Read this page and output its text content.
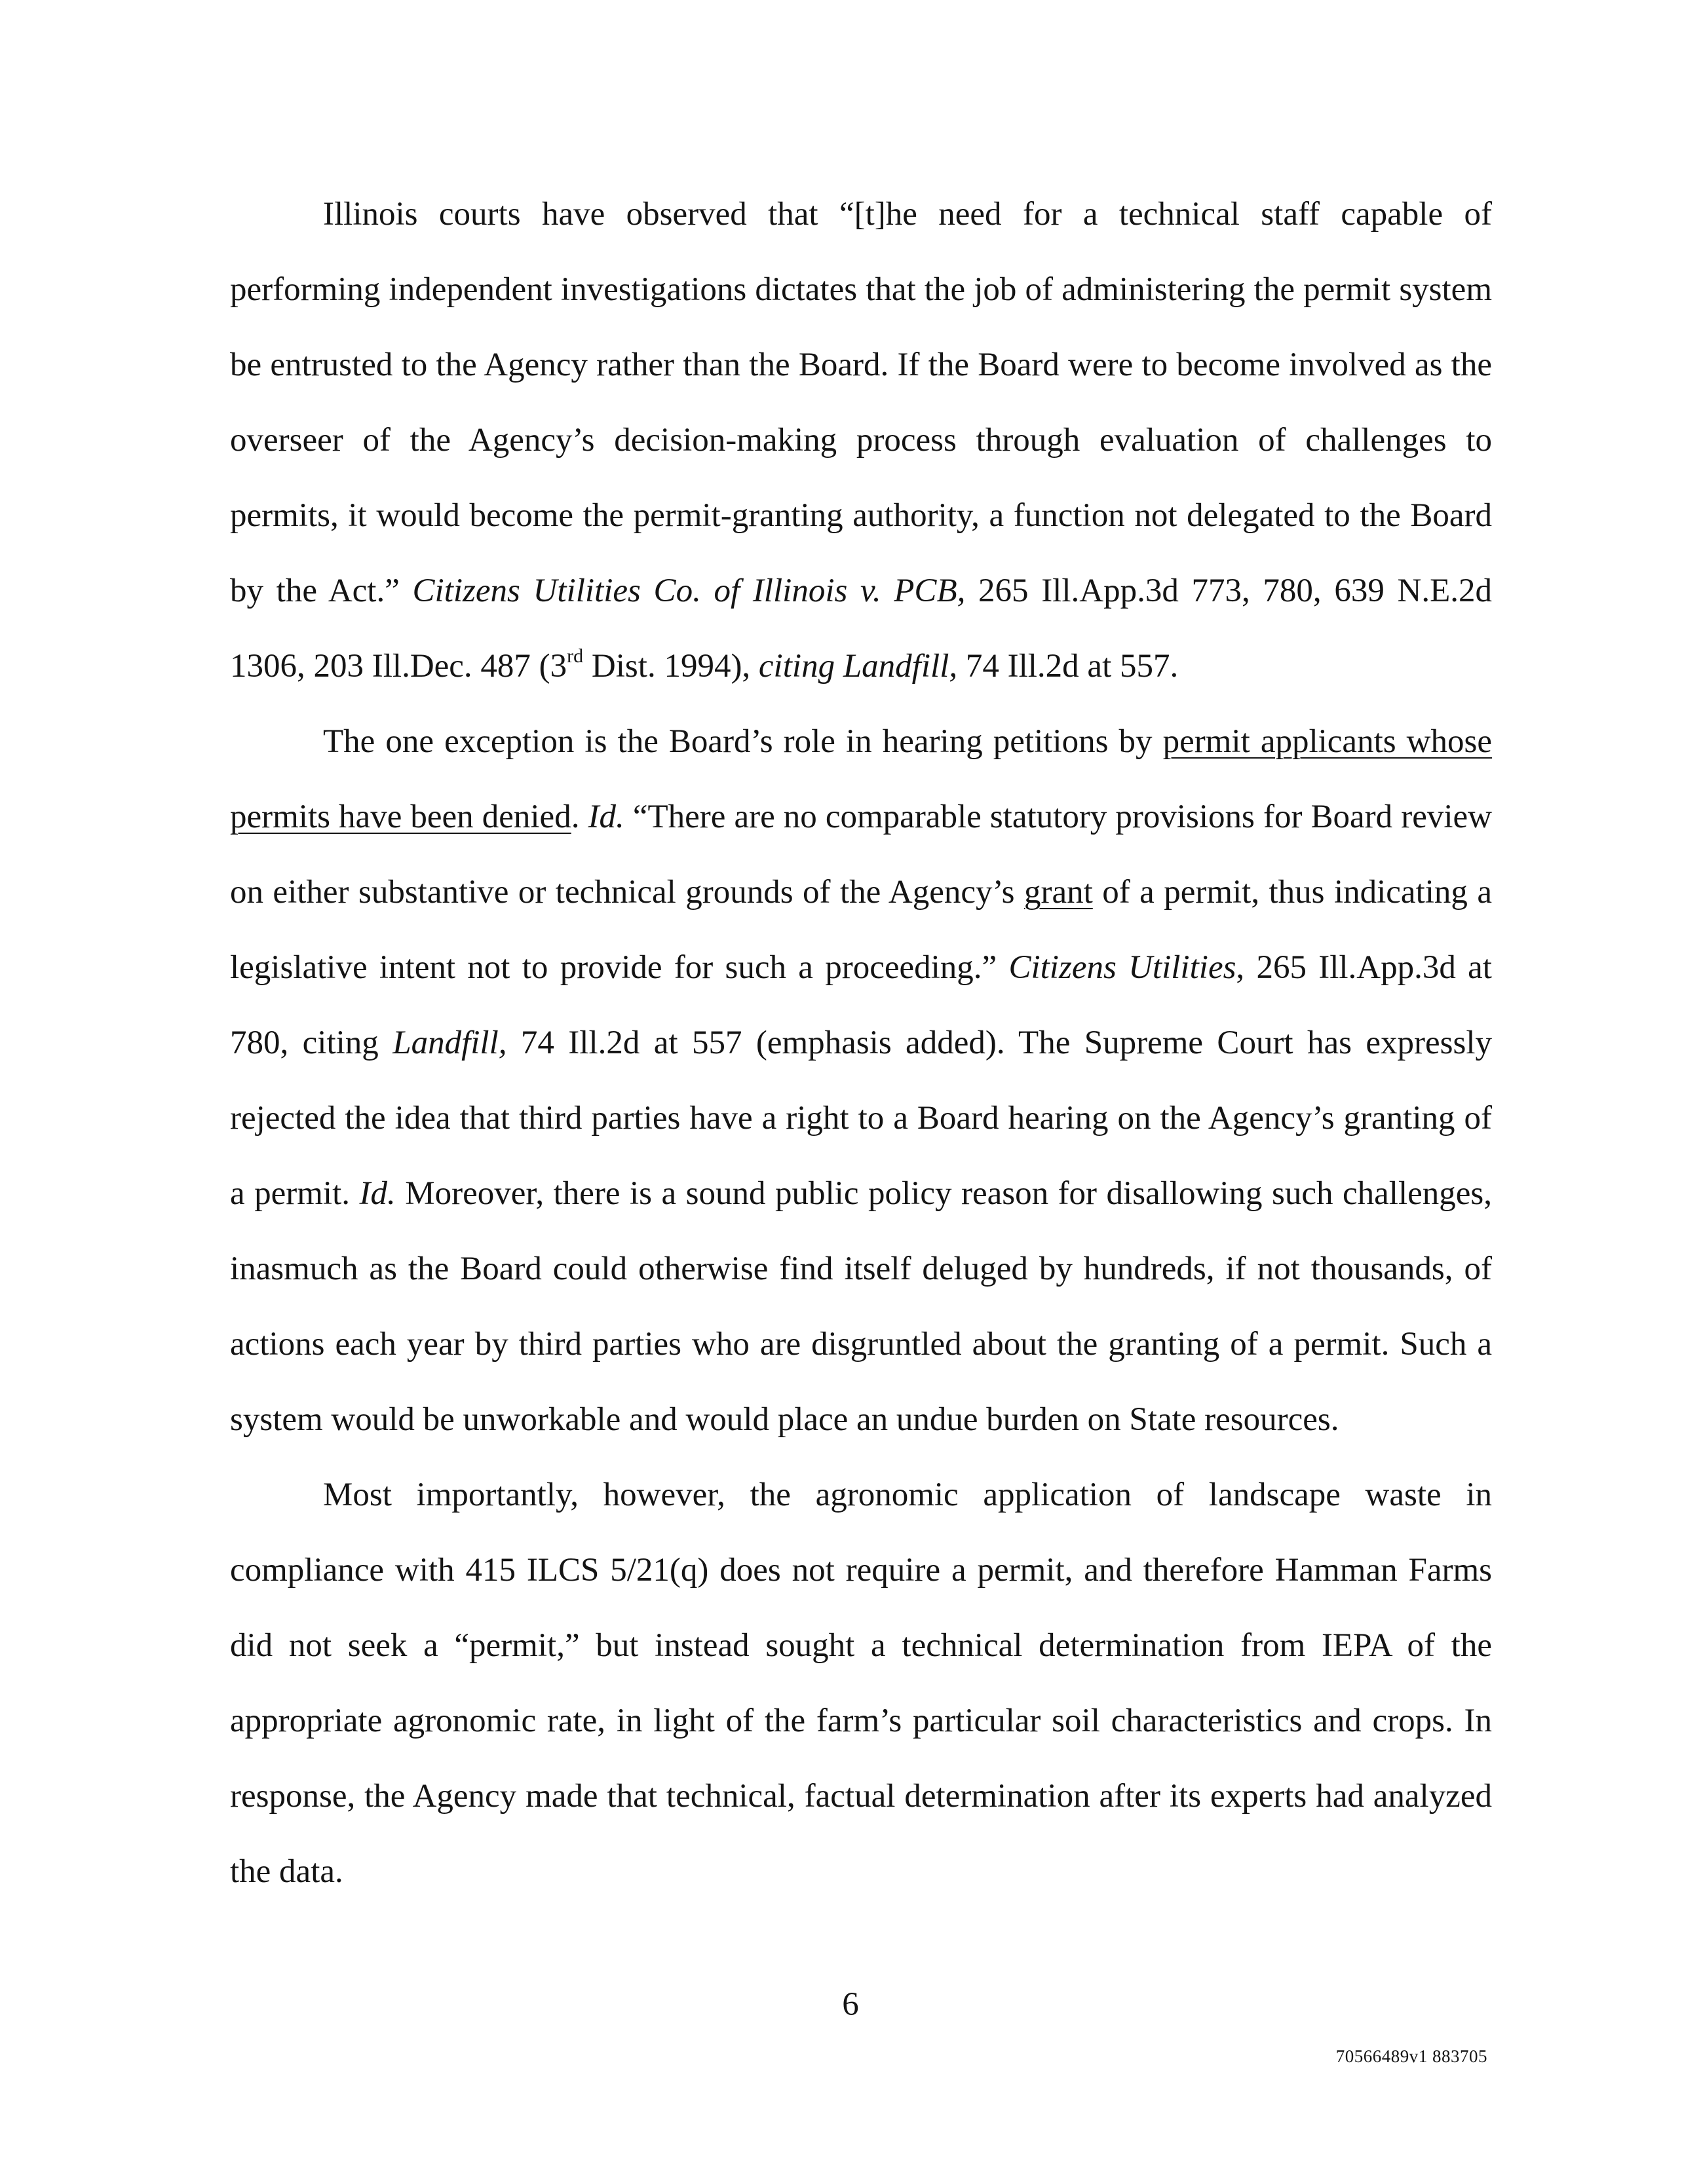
Illinois courts have observed that “[t]he need for a technical staff capable of performing independent investigations dictates that the job of administering the permit system be entrusted to the Agency rather than the Board. If the Board were to become involved as the overseer of the Agency’s decision-making process through evaluation of challenges to permits, it would become the permit-granting authority, a function not delegated to the Board by the Act.” Citizens Utilities Co. of Illinois v. PCB, 265 Ill.App.3d 773, 780, 639 N.E.2d 1306, 203 Ill.Dec. 487 (3rd Dist. 1994), citing Landfill, 74 Ill.2d at 557.

The one exception is the Board’s role in hearing petitions by permit applicants whose permits have been denied. Id. “There are no comparable statutory provisions for Board review on either substantive or technical grounds of the Agency’s grant of a permit, thus indicating a legislative intent not to provide for such a proceeding.” Citizens Utilities, 265 Ill.App.3d at 780, citing Landfill, 74 Ill.2d at 557 (emphasis added). The Supreme Court has expressly rejected the idea that third parties have a right to a Board hearing on the Agency’s granting of a permit. Id. Moreover, there is a sound public policy reason for disallowing such challenges, inasmuch as the Board could otherwise find itself deluged by hundreds, if not thousands, of actions each year by third parties who are disgruntled about the granting of a permit. Such a system would be unworkable and would place an undue burden on State resources.

Most importantly, however, the agronomic application of landscape waste in compliance with 415 ILCS 5/21(q) does not require a permit, and therefore Hamman Farms did not seek a “permit,” but instead sought a technical determination from IEPA of the appropriate agronomic rate, in light of the farm’s particular soil characteristics and crops. In response, the Agency made that technical, factual determination after its experts had analyzed the data.

6
70566489v1 883705
